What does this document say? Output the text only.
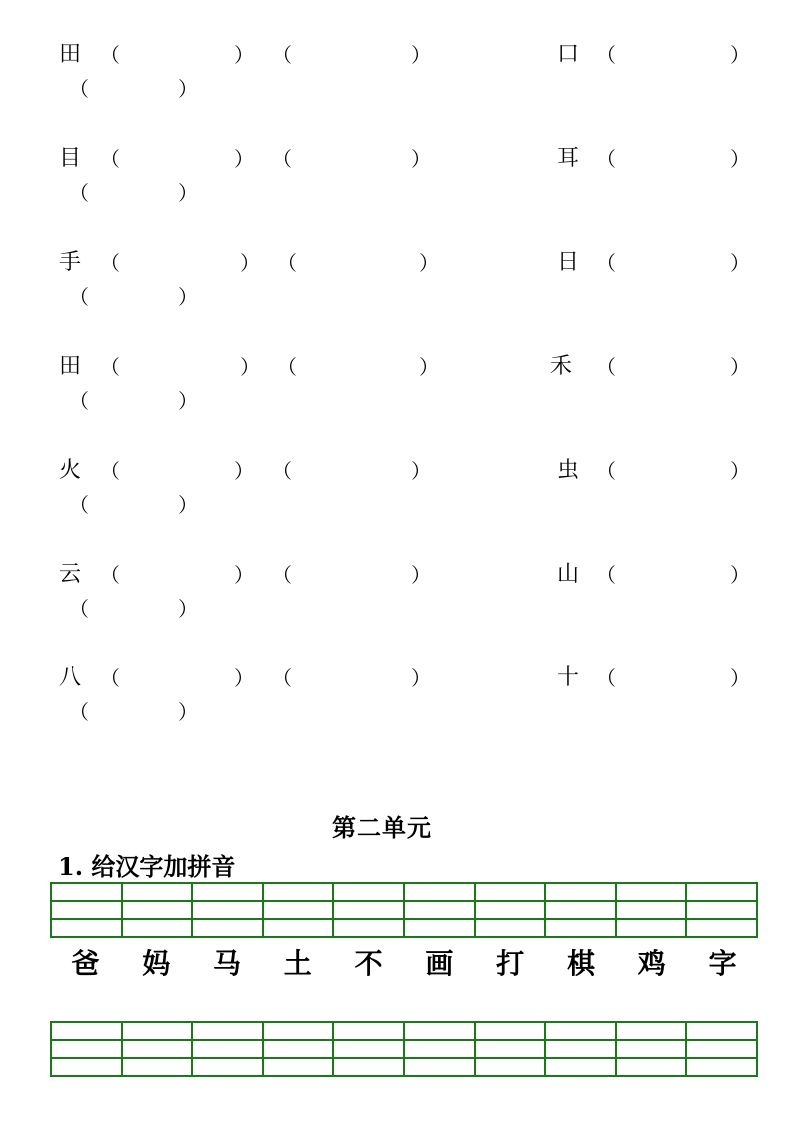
田 （	） （	）	口 （	）
（	）
目 （	） （	）	耳 （	）
（	）
手 （	） （	）	日 （	）
（	）
田 （	） （	）	禾 （	）
（	）
火 （	） （	）	虫 （	）
（	）
云 （	） （	）	山 （	）
（	）
八 （	） （	）	十 （	）
（	）
第二单元
1. 给汉字加拼音
爸	妈	马	土	不	画	打	棋	鸡	字
